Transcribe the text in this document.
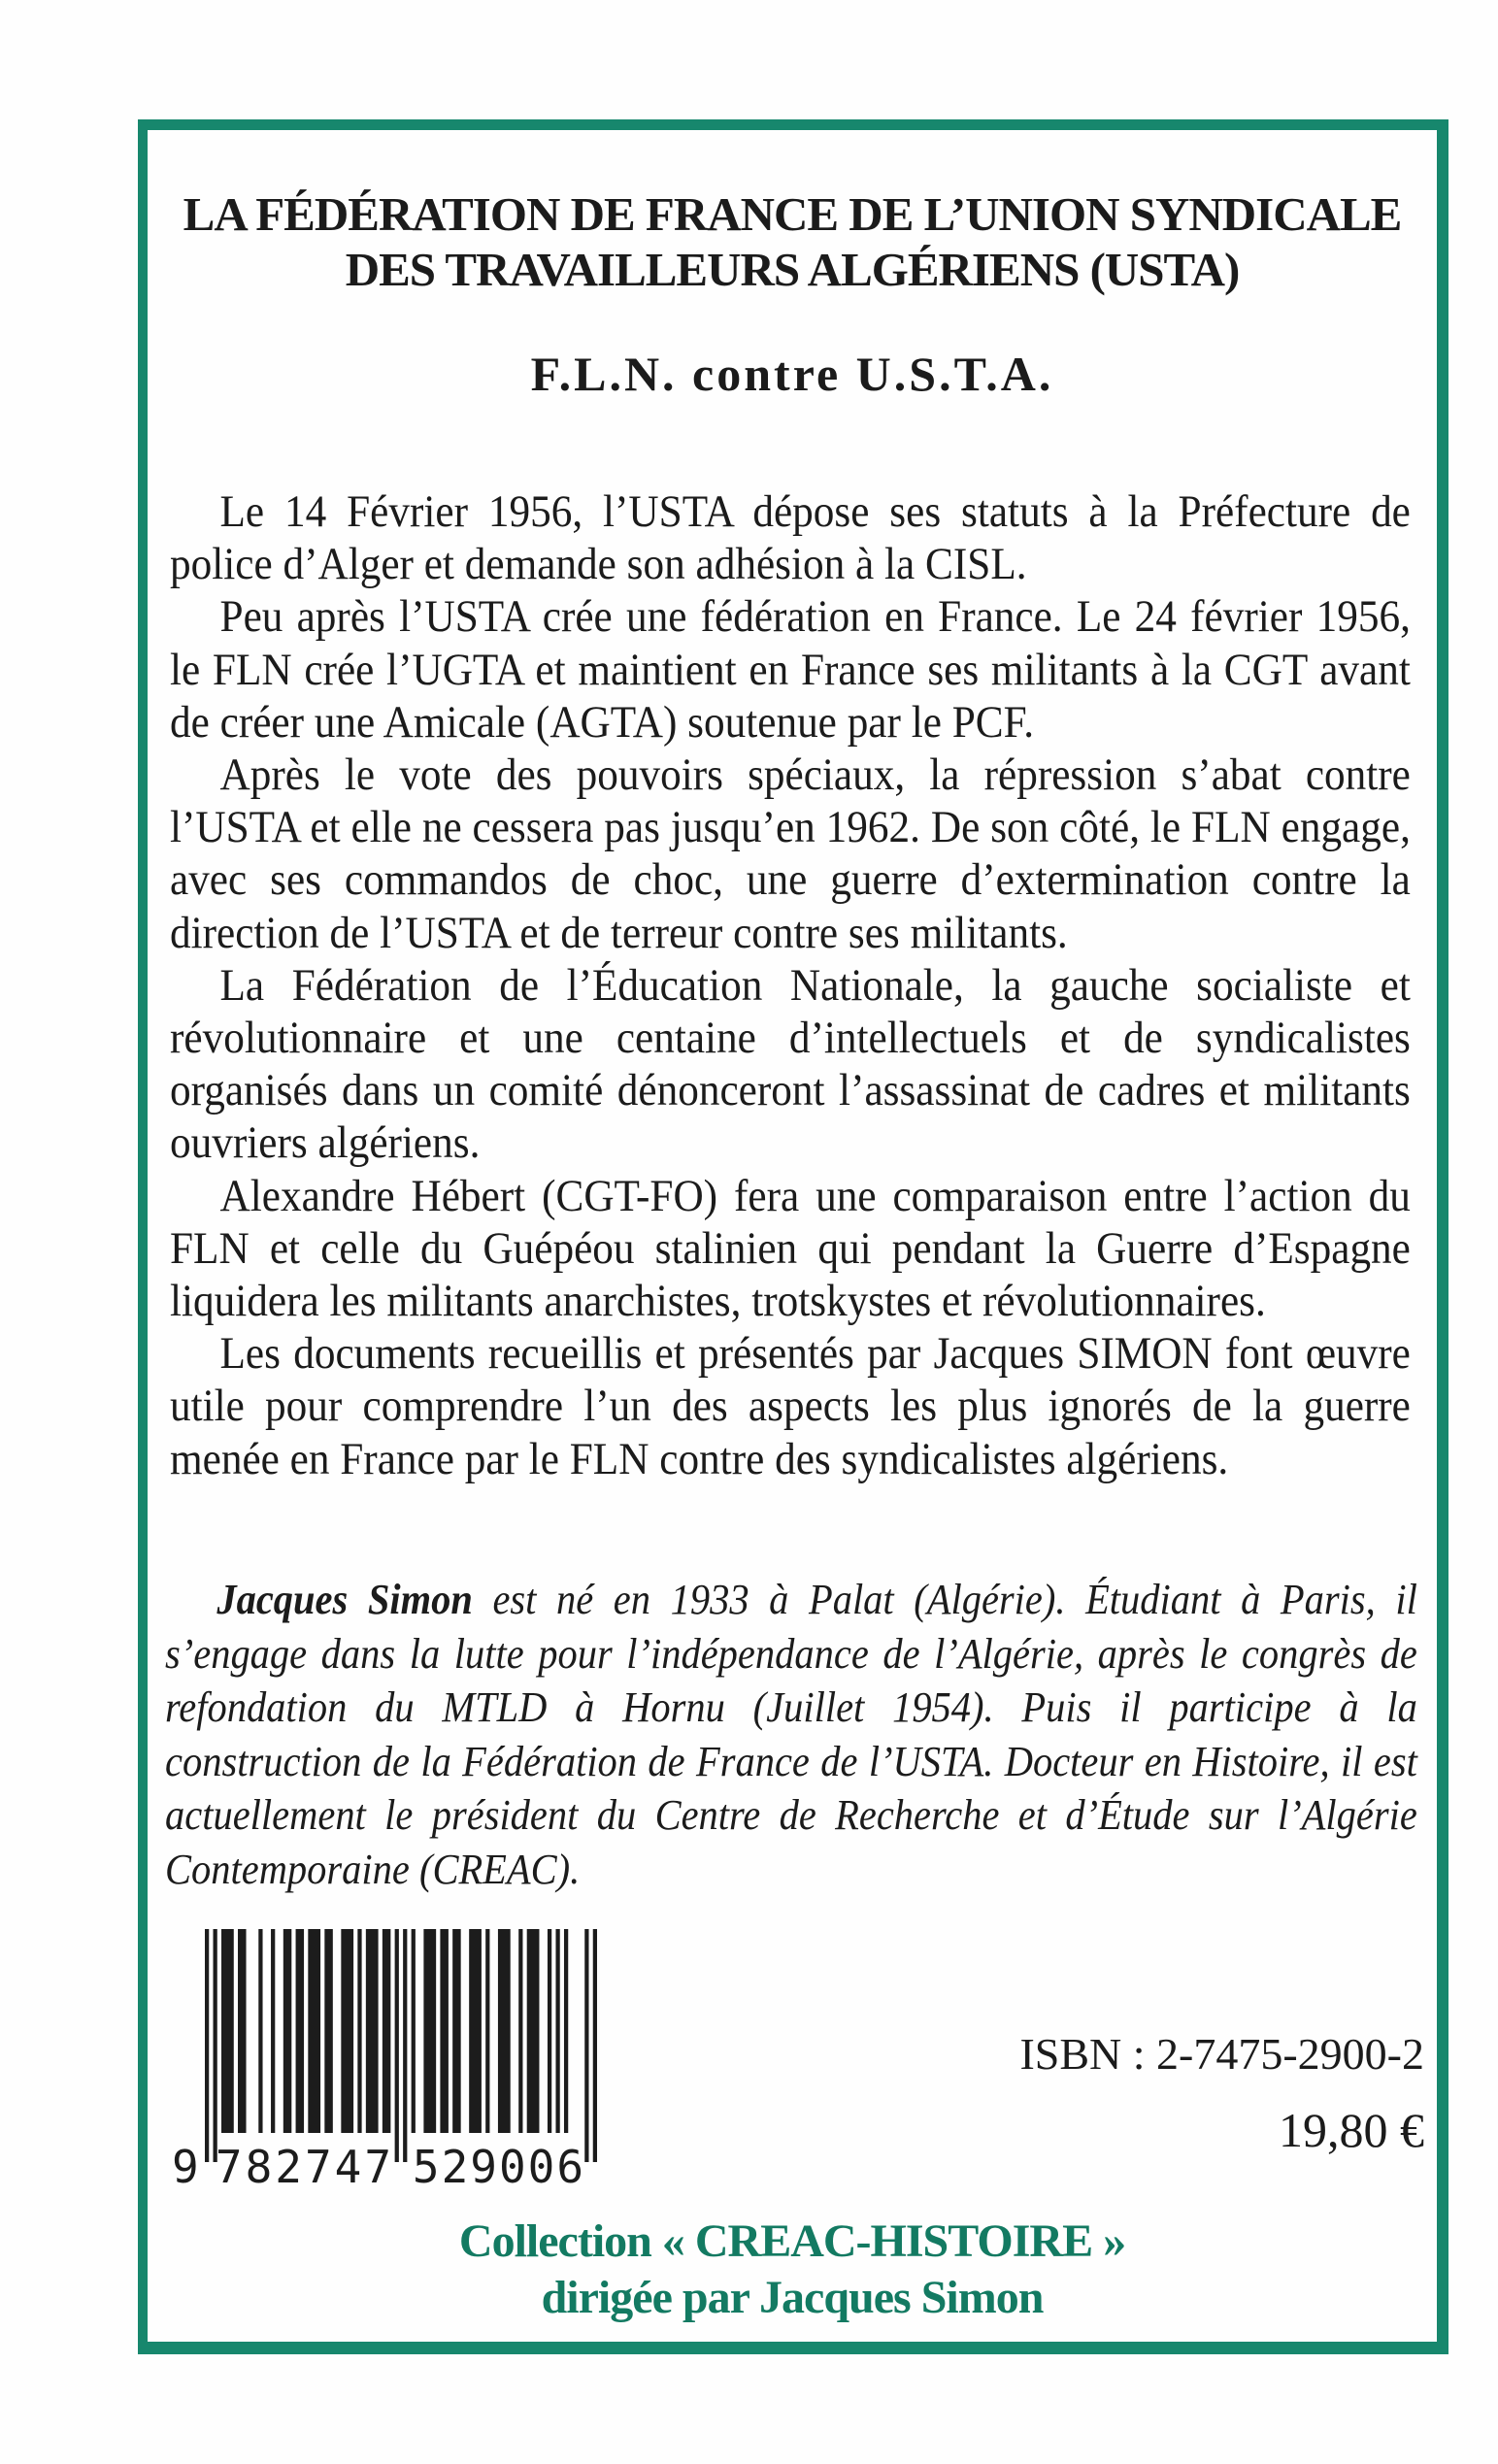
LA FÉDÉRATION DE FRANCE DE L’UNION SYNDICALE
DES TRAVAILLEURS ALGÉRIENS (USTA)
F.L.N. contre U.S.T.A.

Le 14 Février 1956, l’USTA dépose ses statuts à la Préfecture de police d’Alger et demande son adhésion à la CISL.

Peu après l’USTA crée une fédération en France. Le 24 février 1956, le FLN crée l’UGTA et maintient en France ses militants à la CGT avant de créer une Amicale (AGTA) soutenue par le PCF.

Après le vote des pouvoirs spéciaux, la répression s’abat contre l’USTA et elle ne cessera pas jusqu’en 1962. De son côté, le FLN engage, avec ses commandos de choc, une guerre d’extermination contre la direction de l’USTA et de terreur contre ses militants.

La Fédération de l’Éducation Nationale, la gauche socialiste et révolutionnaire et une centaine d’intellectuels et de syndicalistes organisés dans un comité dénonceront l’assassinat de cadres et militants ouvriers algériens.

Alexandre Hébert (CGT-FO) fera une comparaison entre l’action du FLN et celle du Guépéou stalinien qui pendant la Guerre d’Espagne liquidera les militants anarchistes, trotskystes et révolutionnaires.

Les documents recueillis et présentés par Jacques SIMON font œuvre utile pour comprendre l’un des aspects les plus ignorés de la guerre menée en France par le FLN contre des syndicalistes algériens.

Jacques Simon est né en 1933 à Palat (Algérie). Étudiant à Paris, il s’engage dans la lutte pour l’indépendance de l’Algérie, après le congrès de refondation du MTLD à Hornu (Juillet 1954). Puis il participe à la construction de la Fédération de France de l’USTA. Docteur en Histoire, il est actuellement le président du Centre de Recherche et d’Étude sur l’Algérie Contemporaine (CREAC).

9 782747 529006
ISBN : 2-7475-2900-2
19,80 €
Collection « CREAC-HISTOIRE »
dirigée par Jacques Simon
